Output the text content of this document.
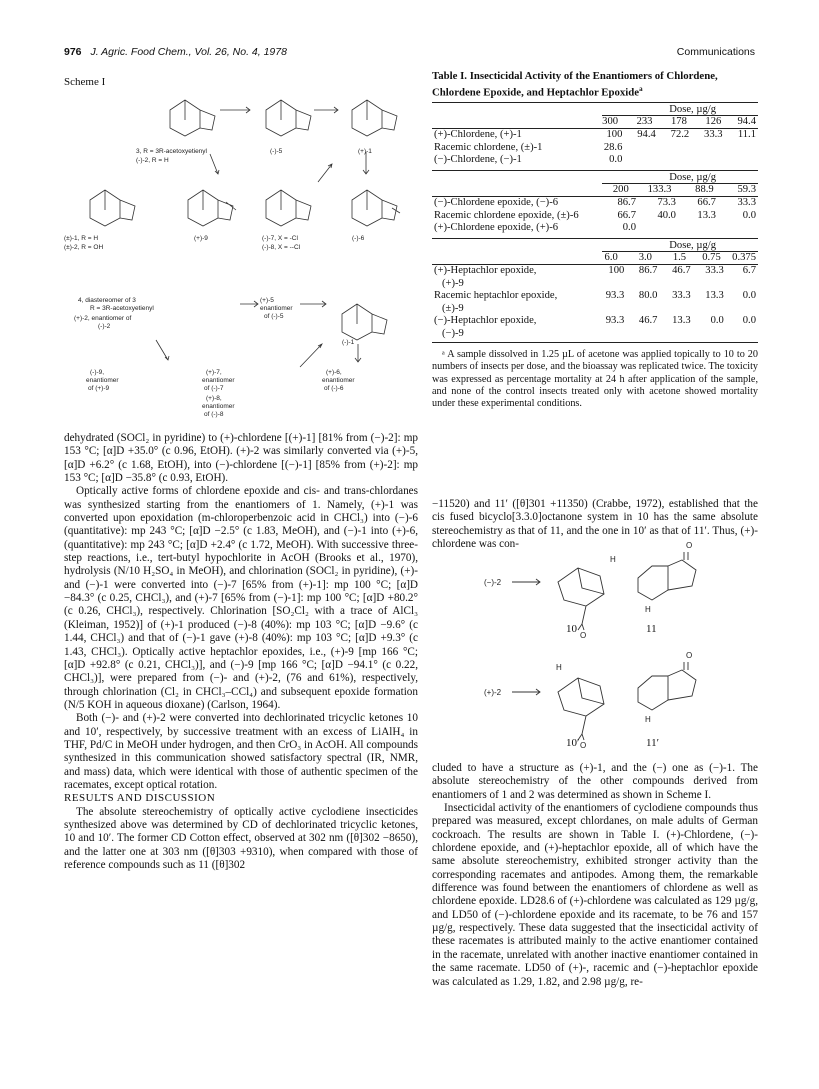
976 J. Agric. Food Chem., Vol. 26, No. 4, 1978	Communications
Scheme I
3, R = 3R-acetoxyetienyl
(-)-2, R = H
(-)-5	(+)-1
(±)-1, R = H
(±)-2, R = OH
(+)-9	(-)-7, X = -Cl
(-)-8, X = --Cl
(-)-6
4, diastereomer of 3
R = 3R-acetoxyetienyl
(+)-2, enantiomer of
(-)-2
(+)-5
enantiomer
of (-)-5
(-)-1
(-)-9,
enantiomer
of (+)-9
(+)-7,
enantiomer
of (-)-7
(+)-8,
enantiomer
of (-)-8
(+)-6,
enantiomer
of (-)-6

dehydrated (SOCl₂ in pyridine) to (+)-chlordene [(+)-1] [81% from (−)-2]: mp 153 °C; [α]D +35.0° (c 0.96, EtOH). (+)-2 was similarly converted via (+)-5, [α]D +6.2° (c 1.68, EtOH), into (−)-chlordene [(−)-1] [85% from (+)-2]: mp 153 °C; [α]D −35.8° (c 0.93, EtOH).

Optically active forms of chlordene epoxide and cis- and trans-chlordanes was synthesized starting from the enantiomers of 1. Namely, (+)-1 was converted upon epoxidation (m-chloroperbenzoic acid in CHCl₃) into (−)-6 (quantitative): mp 243 °C; [α]D −2.5° (c 1.83, MeOH), and (−)-1 into (+)-6, (quantitative): mp 243 °C; [α]D +2.4° (c 1.72, MeOH). With successive three-step reactions, i.e., tert-butyl hypochlorite in AcOH (Brooks et al., 1970), hydrolysis (N/10 H₂SO₄ in MeOH), and chlorination (SOCl₂ in pyridine), (+)- and (−)-1 were converted into (−)-7 [65% from (+)-1]: mp 100 °C; [α]D −84.3° (c 0.25, CHCl₃), and (+)-7 [65% from (−)-1]: mp 100 °C; [α]D +80.2° (c 0.26, CHCl₃), respectively. Chlorination [SO₂Cl₂ with a trace of AlCl₃ (Kleiman, 1952)] of (+)-1 produced (−)-8 (40%): mp 103 °C; [α]D −9.6° (c 1.44, CHCl₃) and that of (−)-1 gave (+)-8 (40%): mp 103 °C; [α]D +9.3° (c 1.43, CHCl₃). Optically active heptachlor epoxides, i.e., (+)-9 [mp 166 °C; [α]D +92.8° (c 0.21, CHCl₃)], and (−)-9 [mp 166 °C; [α]D −94.1° (c 0.22, CHCl₃)], were prepared from (−)- and (+)-2, (76 and 61%), respectively, through chlorination (Cl₂ in CHCl₃–CCl₄) and subsequent epoxide formation (N/5 KOH in aqueous dioxane) (Carlson, 1964).

Both (−)- and (+)-2 were converted into dechlorinated tricyclic ketones 10 and 10′, respectively, by successive treatment with an excess of LiAlH₄ in THF, Pd/C in MeOH under hydrogen, and then CrO₃ in AcOH. All compounds synthesized in this communication showed satisfactory spectral (IR, NMR, and mass) data, which were identical with those of authentic specimen of the racemates, except optical rotation.

RESULTS AND DISCUSSION

The absolute stereochemistry of optically active cyclodiene insecticides synthesized above was determined by CD of dechlorinated tricyclic ketones, 10 and 10′. The former CD Cotton effect, observed at 302 nm ([θ]302 −8650), and the latter one at 303 nm ([θ]303 +9310), when compared with those of reference compounds such as 11 ([θ]302

Table I. Insecticidal Activity of the Enantiomers of Chlordene, Chlordene Epoxide, and Heptachlor Epoxide$^a$
Dose, µg/g
	300	233	178	126	94.4
(+)-Chlordene, (+)-1	100	94.4	72.2	33.3	11.1
Racemic chlordene, (±)-1	28.6				
(−)-Chlordene, (−)-1	0.0				
Dose, µg/g
	200	133.3	88.9	59.3
(−)-Chlordene epoxide, (−)-6	86.7	73.3	66.7	33.3
Racemic chlordene epoxide, (±)-6	66.7	40.0	13.3	0.0
(+)-Chlordene epoxide, (+)-6	0.0			
Dose, µg/g
	6.0	3.0	1.5	0.75	0.375
(+)-Heptachlor epoxide,	100	86.7	46.7	33.3	6.7
(+)-9					
Racemic heptachlor epoxide,	93.3	80.0	33.3	13.3	0.0
(±)-9					
(−)-Heptachlor epoxide,	93.3	46.7	13.3	0.0	0.0
(−)-9					

ᵃ A sample dissolved in 1.25 µL of acetone was applied topically to 10 to 20 numbers of insects per dose, and the bioassay was replicated twice. The toxicity was expressed as percentage mortality at 24 h after application of the sample, and none of the control insects treated only with acetone showed mortality under these experimental conditions.

−11520) and 11′ ([θ]301 +11350) (Crabbe, 1972), established that the cis fused bicyclo[3.3.0]octanone system in 10 has the same absolute stereochemistry as that of 11, and the one in 10′ as that of 11′. Thus, (+)-chlordene was con-

(−)-2
(+)-2
O
O
O
O
H
H
H
H
10	11
10′	11′

cluded to have a structure as (+)-1, and the (−) one as (−)-1. The absolute stereochemistry of the other compounds derived from enantiomers of 1 and 2 was determined as shown in Scheme I.

Insecticidal activity of the enantiomers of cyclodiene compounds thus prepared was measured, except chlordanes, on male adults of German cockroach. The results are shown in Table I. (+)-Chlordene, (−)-chlordene epoxide, and (+)-heptachlor epoxide, all of which have the same absolute stereochemistry, exhibited stronger activity than the corresponding racemates and antipodes. Among them, the remarkable difference was found between the enantiomers of chlordene as well as chlordene epoxide. LD28.6 of (+)-chlordene was calculated as 129 µg/g, and LD50 of (−)-chlordene epoxide and its racemate, to be 76 and 157 µg/g, respectively. These data suggested that the insecticidal activity of these racemates is attributed mainly to the active enantiomer contained in the racemate, unrelated with another inactive enantiomer contained in the same racemate. LD50 of (+)-, racemic and (−)-heptachlor epoxide was calculated as 1.29, 1.82, and 2.98 µg/g, re-
